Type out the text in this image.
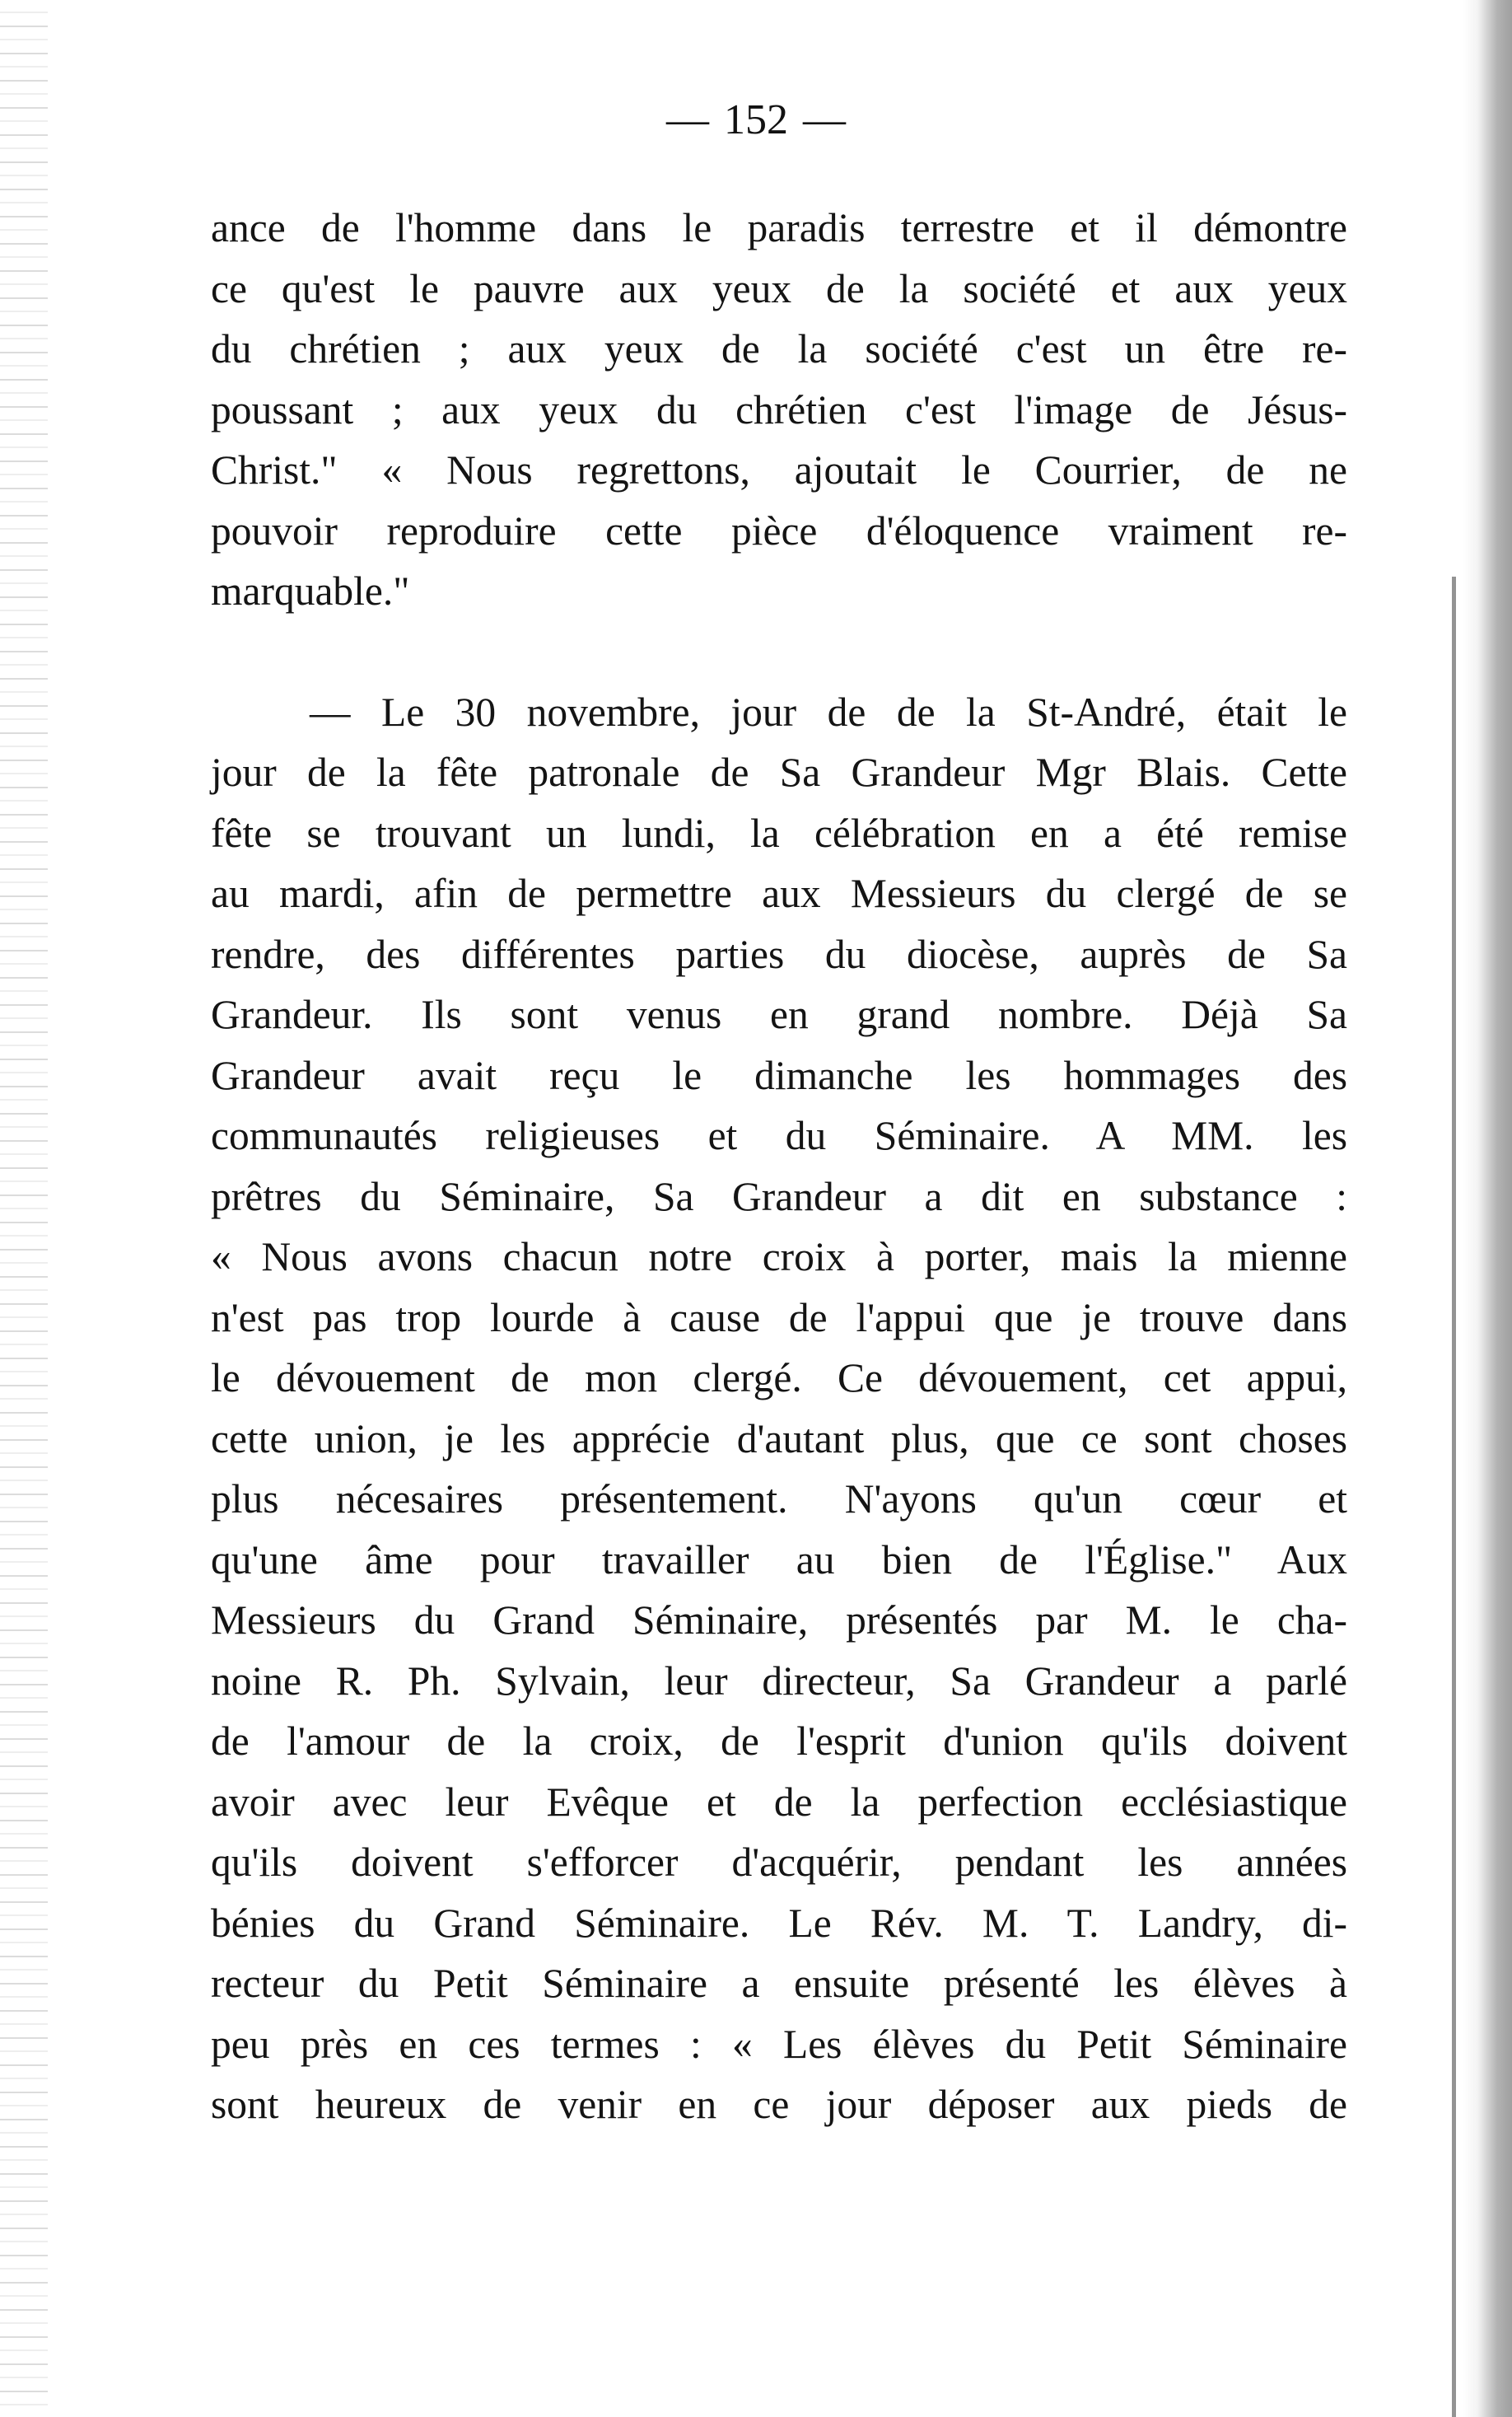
— 152 —
ance de l'homme dans le paradis terrestre et il démontre
ce qu'est le pauvre aux yeux de la société et aux yeux
du chrétien ; aux yeux de la société c'est un être re-
poussant ; aux yeux du chrétien c'est l'image de Jésus-
Christ." « Nous regrettons, ajoutait le Courrier, de ne
pouvoir reproduire cette pièce d'éloquence vraiment re-
marquable."
— Le 30 novembre, jour de de la St-André, était le
jour de la fête patronale de Sa Grandeur Mgr Blais. Cette
fête se trouvant un lundi, la célébration en a été remise
au mardi, afin de permettre aux Messieurs du clergé de se
rendre, des différentes parties du diocèse, auprès de Sa
Grandeur. Ils sont venus en grand nombre. Déjà Sa
Grandeur avait reçu le dimanche les hommages des
communautés religieuses et du Séminaire. A MM. les
prêtres du Séminaire, Sa Grandeur a dit en substance :
« Nous avons chacun notre croix à porter, mais la mienne
n'est pas trop lourde à cause de l'appui que je trouve dans
le dévouement de mon clergé. Ce dévouement, cet appui,
cette union, je les apprécie d'autant plus, que ce sont choses
plus nécesaires présentement. N'ayons qu'un cœur et
qu'une âme pour travailler au bien de l'Église." Aux
Messieurs du Grand Séminaire, présentés par M. le cha-
noine R. Ph. Sylvain, leur directeur, Sa Grandeur a parlé
de l'amour de la croix, de l'esprit d'union qu'ils doivent
avoir avec leur Evêque et de la perfection ecclésiastique
qu'ils doivent s'efforcer d'acquérir, pendant les années
bénies du Grand Séminaire. Le Rév. M. T. Landry, di-
recteur du Petit Séminaire a ensuite présenté les élèves à
peu près en ces termes : « Les élèves du Petit Séminaire
sont heureux de venir en ce jour déposer aux pieds de
